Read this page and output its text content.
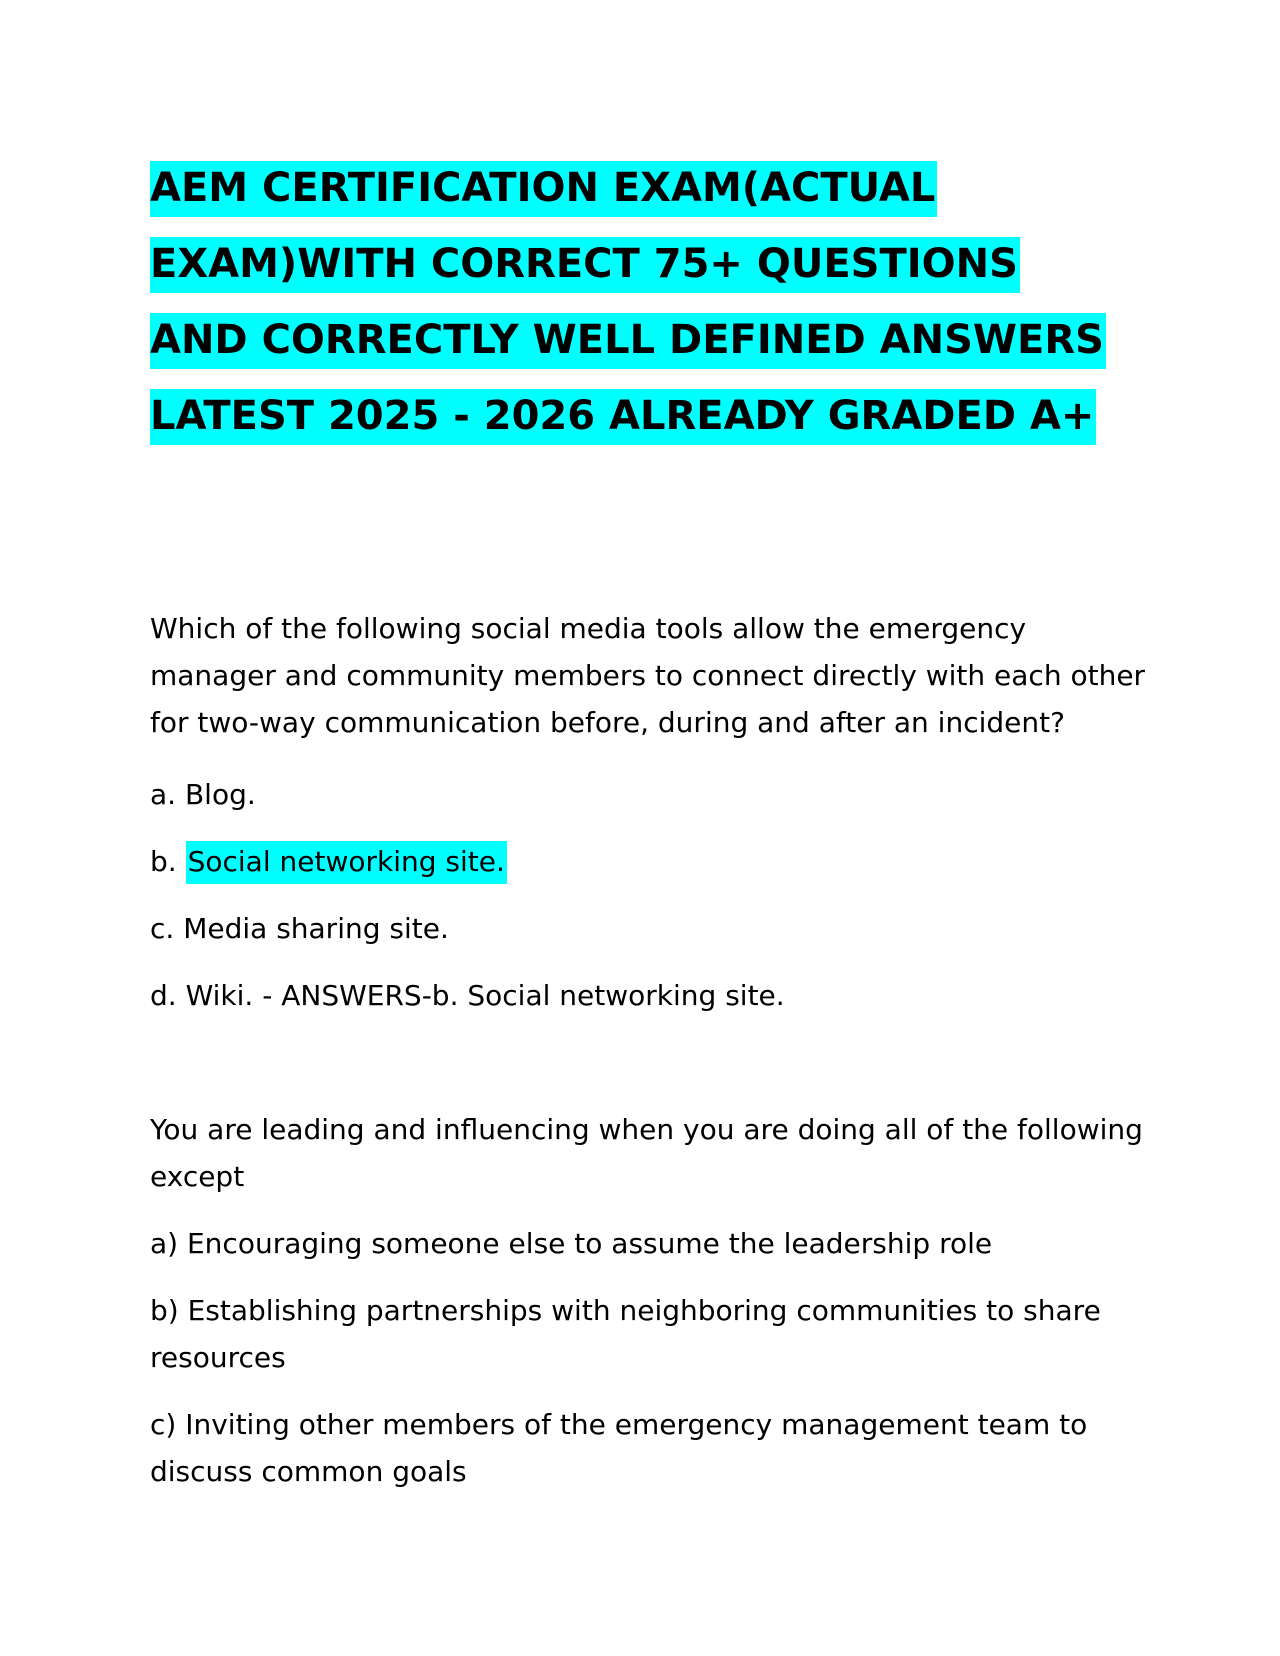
AEM CERTIFICATION EXAM(ACTUAL
EXAM)WITH CORRECT 75+ QUESTIONS
AND CORRECTLY WELL DEFINED ANSWERS
LATEST 2025 - 2026 ALREADY GRADED A+
Which of the following social media tools allow the emergency
manager and community members to connect directly with each other
for two-way communication before, during and after an incident?
a. Blog.
b. Social networking site.
c. Media sharing site.
d. Wiki. - ANSWERS-b. Social networking site.
You are leading and influencing when you are doing all of the following
except
a) Encouraging someone else to assume the leadership role
b) Establishing partnerships with neighboring communities to share
resources
c) Inviting other members of the emergency management team to
discuss common goals
